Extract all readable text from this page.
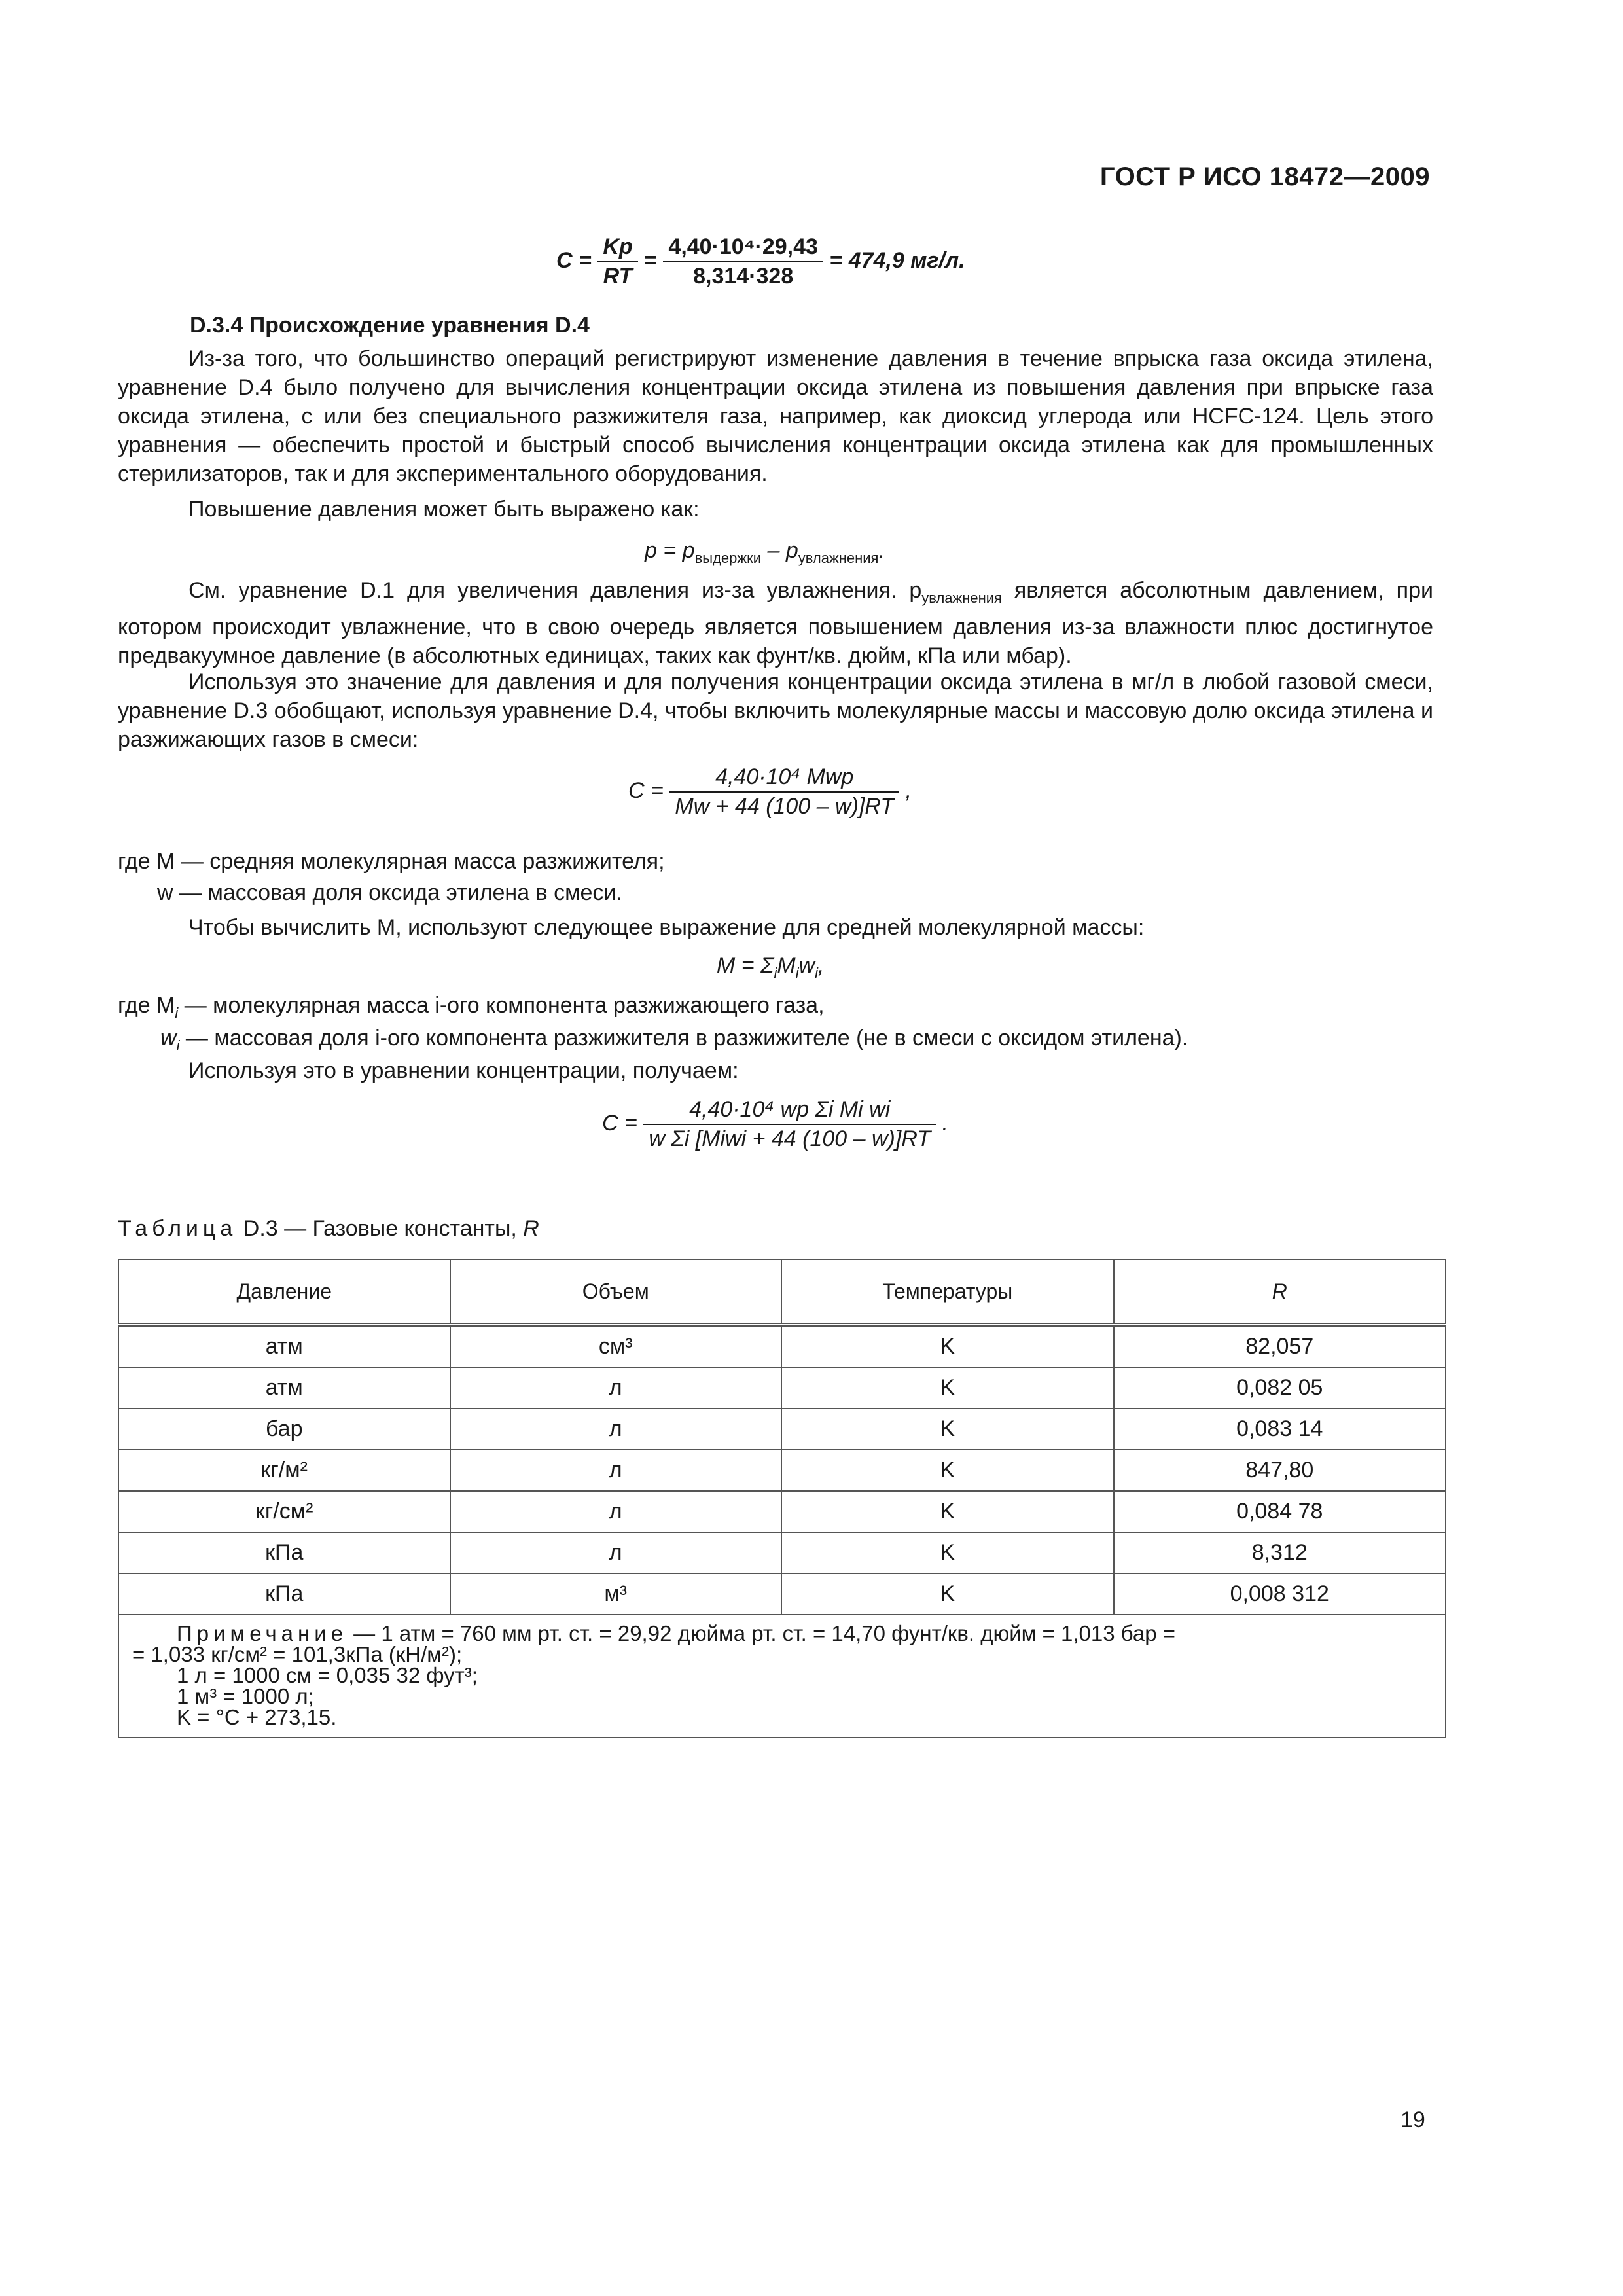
ГОСТ Р ИСО 18472—2009
$C = \frac{Kp}{RT} = \frac{\text{4,40·10⁴·29,43}}{8,314\cdot 328} = 474,9$ мг/л.
D.3.4 Происхождение уравнения D.4
Из-за того, что большинство операций регистрируют изменение давления в течение впрыска газа оксида этилена, уравнение D.4 было получено для вычисления концентрации оксида этилена из повышения давления при впрыске газа оксида этилена, с или без специального разжижителя газа, например, как диоксид углерода или HCFC-124. Цель этого уравнения — обеспечить простой и быстрый способ вычисления концентрации оксида этилена как для промышленных стерилизаторов, так и для экспериментального оборудования.
Повышение давления может быть выражено как:
$p = p_{выдержки} - p_{увлажнения}$.
См. уравнение D.1 для увеличения давления из-за увлажнения. $p_{увлажнения}$ является абсолютным давлением, при котором происходит увлажнение, что в свою очередь является повышением давления из-за влажности плюс достигнутое предвакуумное давление (в абсолютных единицах, таких как фунт/кв. дюйм, кПа или мбар).
Используя это значение для давления и для получения концентрации оксида этилена в мг/л в любой газовой смеси, уравнение D.3 обобщают, используя уравнение D.4, чтобы включить молекулярные массы и массовую долю оксида этилена и разжижающих газов в смеси:
$C = \frac{\text{4,40·10⁴ Mwp}}{Mw + 44 (100 - w)]RT}$ ,
где M — средняя молекулярная масса разжижителя;
w — массовая доля оксида этилена в смеси.
Чтобы вычислить M, используют следующее выражение для средней молекулярной массы:
$M = \Sigma_iM_iw_i$,
где $M_i$ — молекулярная масса i-ого компонента разжижающего газа,
$w_i$ — массовая доля i-ого компонента разжижителя в разжижителе (не в смеси с оксидом этилена).
Используя это в уравнении концентрации, получаем:
$C = \frac{\text{4,40·10⁴ wp Σi Mi wi}}{\text{w Σi [Miwi + 44 (100 – w)]RT}}$ .
Таблица D.3 — Газовые константы, R
Давление	Объем	Температуры	R
атм	см³	K	82,057
атм	л	K	0,082 05
бар	л	K	0,083 14
кг/м²	л	K	847,80
кг/см²	л	K	0,084 78
кПа	л	K	8,312
кПа	м³	K	0,008 312

Примечание — 1 атм = 760 мм рт. ст. = 29,92 дюйма рт. ст. = 14,70 фунт/кв. дюйм = 1,013 бар =
= 1,033 кг/см² = 101,3кПа (кН/м²);
1 л = 1000 см = 0,035 32 фут³;
1 м³ = 1000 л;
K = °C + 273,15.			
19
